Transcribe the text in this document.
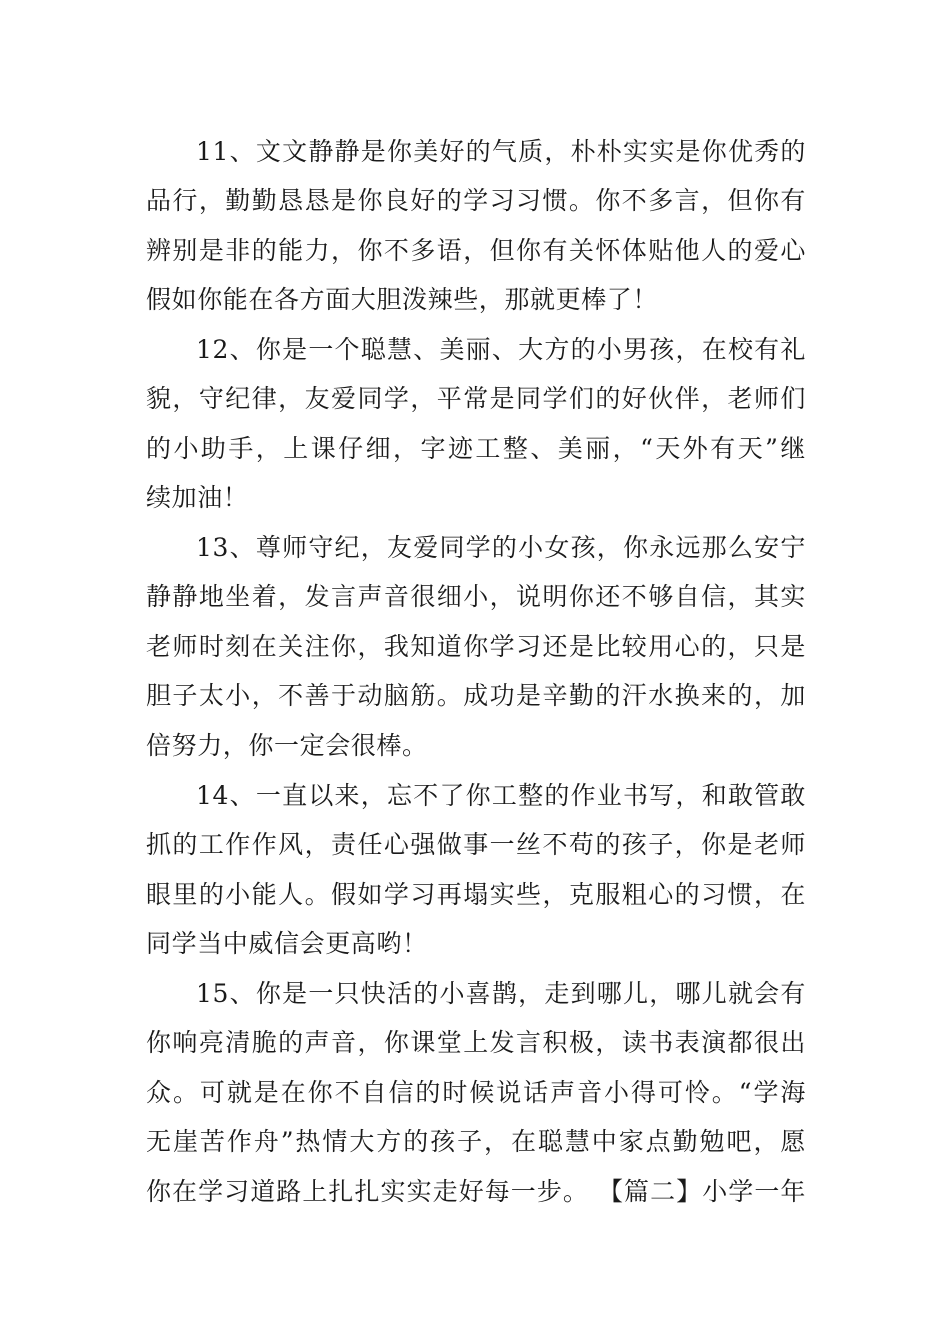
11、文文静静是你美好的气质，朴朴实实是你优秀的
品行，勤勤恳恳是你良好的学习习惯。你不多言，但你有
辨别是非的能力，你不多语，但你有关怀体贴他人的爱心
假如你能在各方面大胆泼辣些，那就更棒了！
12、你是一个聪慧、美丽、大方的小男孩，在校有礼
貌，守纪律，友爱同学，平常是同学们的好伙伴，老师们
的小助手，上课仔细，字迹工整、美丽，“天外有天”继
续加油！
13、尊师守纪，友爱同学的小女孩，你永远那么安宁
静静地坐着，发言声音很细小，说明你还不够自信，其实
老师时刻在关注你，我知道你学习还是比较用心的，只是
胆子太小，不善于动脑筋。成功是辛勤的汗水换来的，加
倍努力，你一定会很棒。
14、一直以来，忘不了你工整的作业书写，和敢管敢
抓的工作作风，责任心强做事一丝不苟的孩子，你是老师
眼里的小能人。假如学习再塌实些，克服粗心的习惯，在
同学当中威信会更高哟！
15、你是一只快活的小喜鹊，走到哪儿，哪儿就会有
你响亮清脆的声音，你课堂上发言积极，读书表演都很出
众。可就是在你不自信的时候说话声音小得可怜。“学海
无崖苦作舟”热情大方的孩子，在聪慧中家点勤勉吧，愿
你在学习道路上扎扎实实走好每一步。 【篇二】小学一年
